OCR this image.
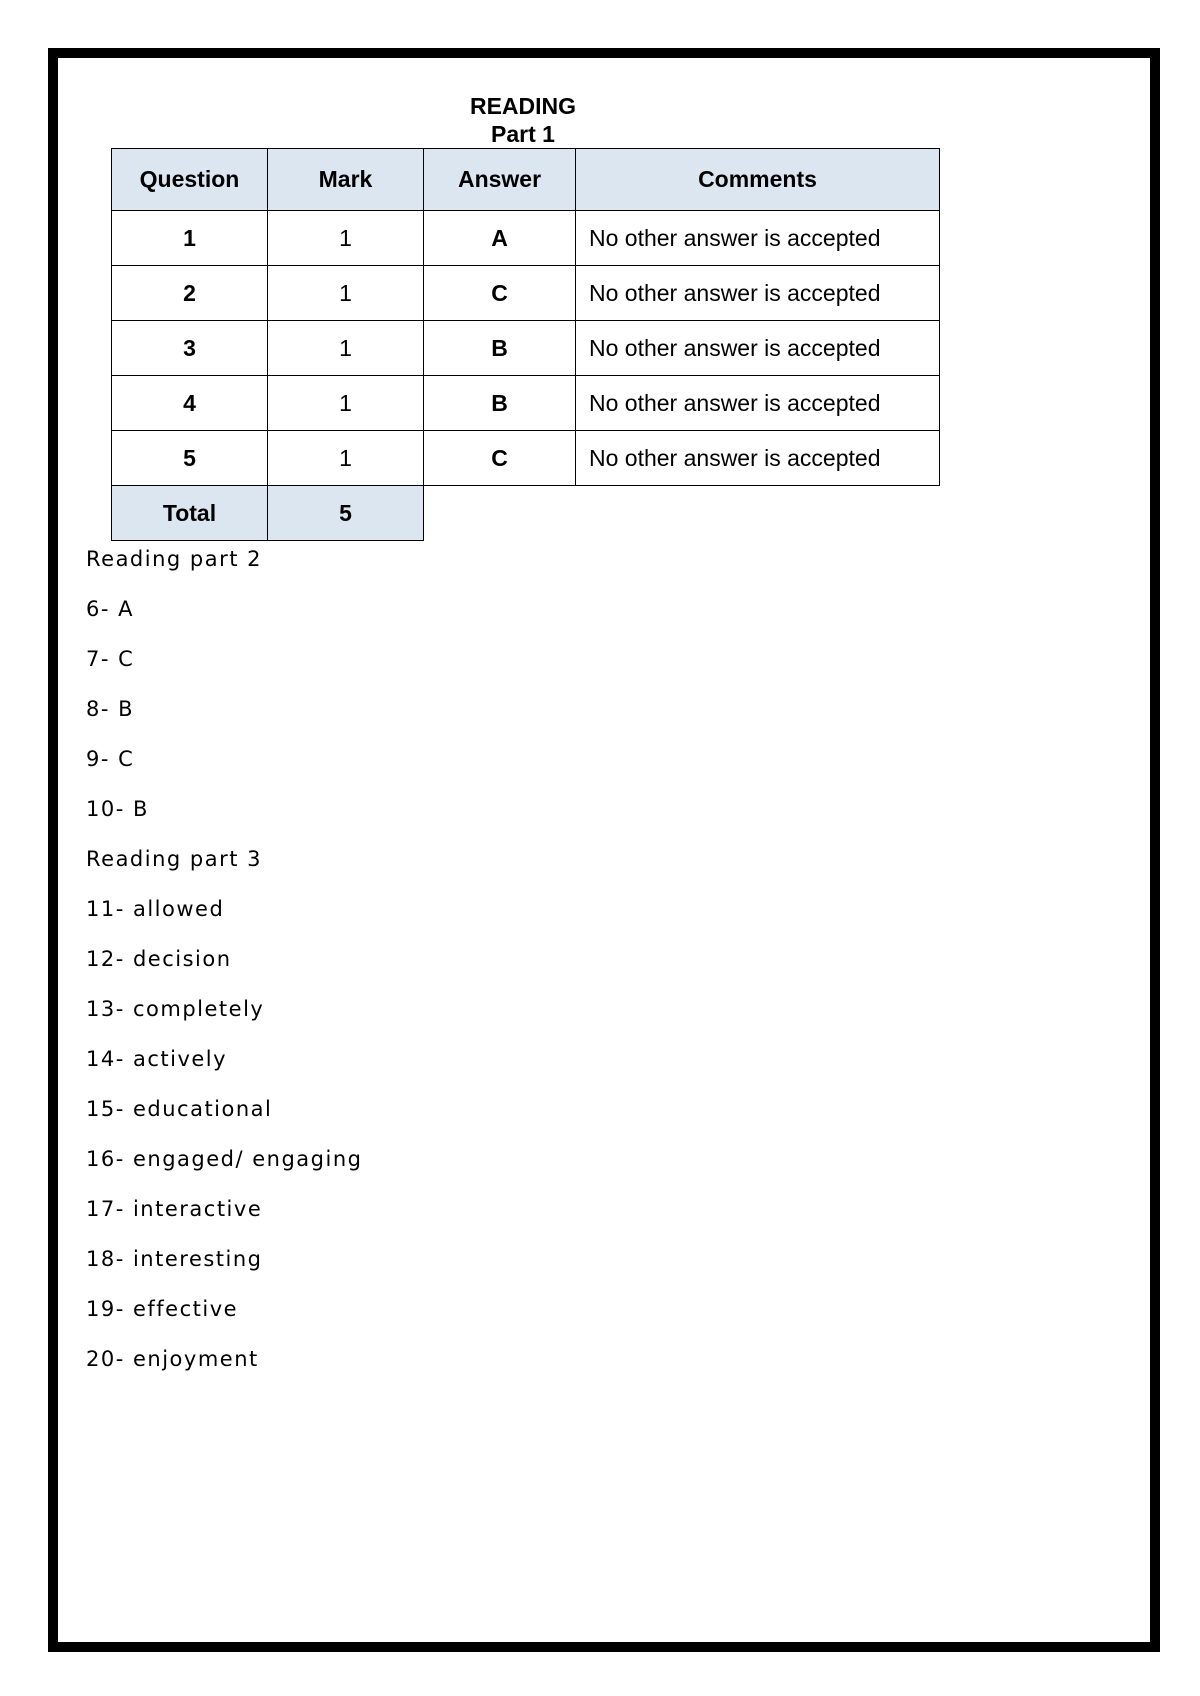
READING
Part 1
Question	Mark	Answer	Comments
1	1	A	No other answer is accepted
2	1	C	No other answer is accepted
3	1	B	No other answer is accepted
4	1	B	No other answer is accepted
5	1	C	No other answer is accepted
Total	5		
Reading part 2
6- A
7- C
8- B
9- C
10- B
Reading part 3
11- allowed
12- decision
13- completely
14- actively
15- educational
16- engaged/ engaging
17- interactive
18- interesting
19- effective
20- enjoyment
